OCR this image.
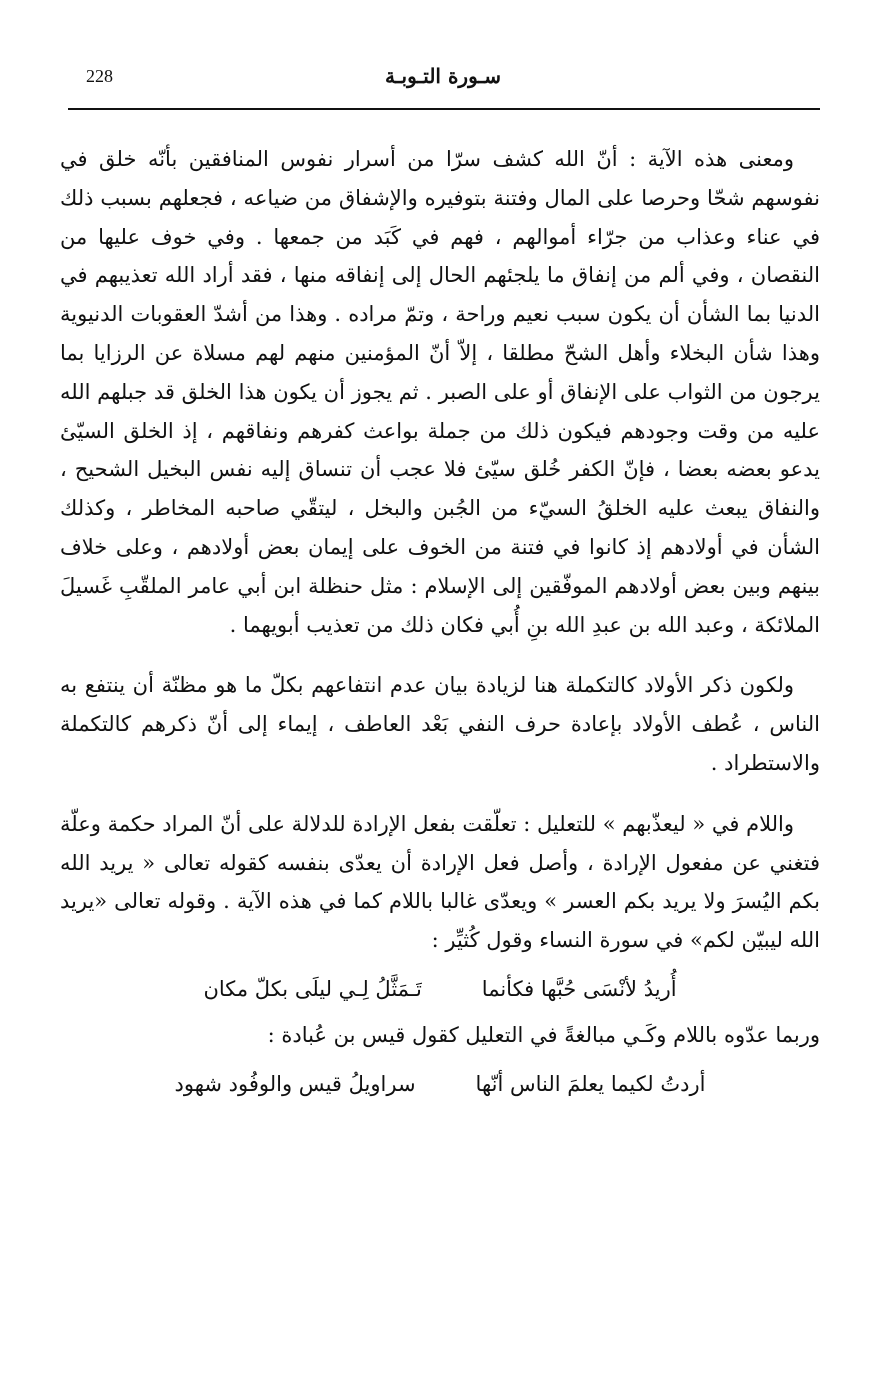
228	سـورة التـوبـة

ومعنى هذه الآية : أنّ الله كشف سرّا من أسرار نفوس المنافقين بأنّه خلق في نفوسهم شحّا وحرصا على المال وفتنة بتوفيره والإشفاق من ضياعه ، فجعلهم بسبب ذلك في عناء وعذاب من جرّاء أموالهم ، فهم في كَبَد من جمعها . وفي خوف عليها من النقصان ، وفي ألم من إنفاق ما يلجئهم الحال إلى إنفاقه منها ، فقد أراد الله تعذيبهم في الدنيا بما الشأن أن يكون سبب نعيم وراحة ، وتمّ مراده . وهذا من أشدّ العقوبات الدنيوية وهذا شأن البخلاء وأهل الشحّ مطلقا ، إلاّ أنّ المؤمنين منهم لهم مسلاة عن الرزايا بما يرجون من الثواب على الإنفاق أو على الصبر . ثم يجوز أن يكون هذا الخلق قد جبلهم الله عليه من وقت وجودهم فيكون ذلك من جملة بواعث كفرهم ونفاقهم ، إذ الخلق السيّئ يدعو بعضه بعضا ، فإنّ الكفر خُلق سيّئ فلا عجب أن تنساق إليه نفس البخيل الشحيح ، والنفاق يبعث عليه الخلقُ السيّء من الجُبن والبخل ، ليتقّي صاحبه المخاطر ، وكذلك الشأن في أولادهم إذ كانوا في فتنة من الخوف على إيمان بعض أولادهم ، وعلى خلاف بينهم وبين بعض أولادهم الموفّقين إلى الإسلام : مثل حنظلة ابن أبي عامر الملقّبِ غَسيلَ الملائكة ، وعبد الله بن عبدِ الله بنِ أُبي فكان ذلك من تعذيب أبويهما .

ولكون ذكر الأولاد كالتكملة هنا لزيادة بيان عدم انتفاعهم بكلّ ما هو مظنّة أن ينتفع به الناس ، عُطف الأولاد بإعادة حرف النفي بَعْد العاطف ، إيماء إلى أنّ ذكرهم كالتكملة والاستطراد .

واللام في « ليعذّبهم » للتعليل : تعلّقت بفعل الإرادة للدلالة على أنّ المراد حكمة وعلّة فتغني عن مفعول الإرادة ، وأصل فعل الإرادة أن يعدّى بنفسه كقوله تعالى « يريد الله بكم اليُسرَ ولا يريد بكم العسر » ويعدّى غالبا باللام كما في هذه الآية . وقوله تعالى «يريد الله ليبيّن لكم» في سورة النساء وقول كُثيِّر :

أُريدُ لأنْسَى حُبَّها فكأنما
تَـمَثَّلُ لِـي ليلَى بكلّ مكان

وربما عدّوه باللام وكَـي مبالغةً في التعليل كقول قيس بن عُبادة :

أردتُ لكيما يعلمَ الناس أنّها
سراويلُ قيس والوفُود شهود
